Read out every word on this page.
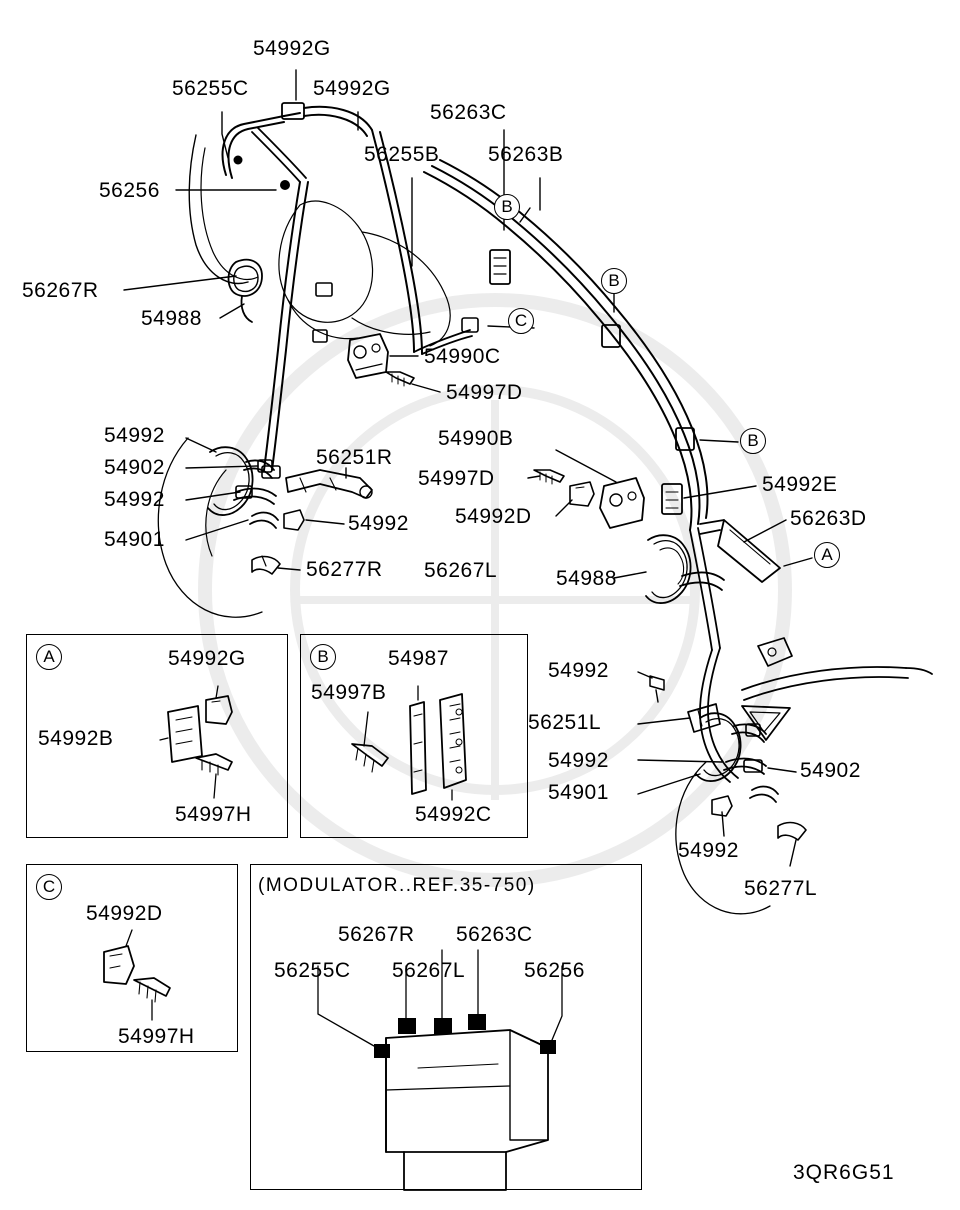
54992G
56255C	54992G
56263C
56255B 56263B
56256
56267R
54988
54990C
54997D
54992
54902
54992
54901
56251R
54992
56277R
54990B
54997D
54992D
54992E
56263D
56267L	54988
54992
56251L
54992
54901
54902
54992
56277L
B
B
C
B
A
A	54992G
54992B
54997H
B	54987
54997B
54992C
C
54992D
54997H
(MODULATOR..REF.35-750)
56267R 56263C
56255C 56267L	56256
3QR6G51
